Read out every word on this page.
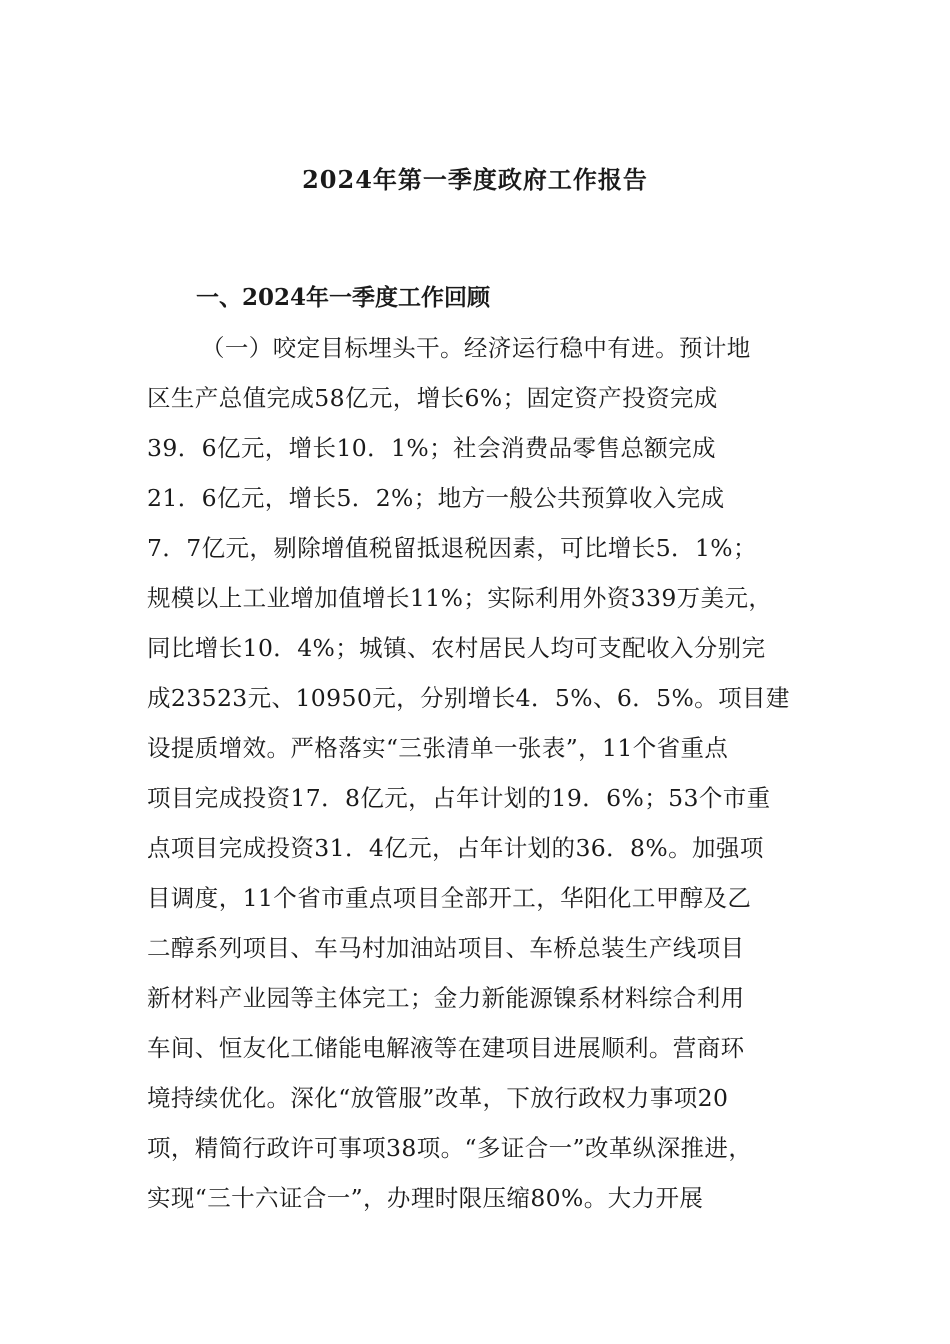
2024年第一季度政府工作报告
一、2024年一季度工作回顾
（一）咬定目标埋头干。经济运行稳中有进。预计地
区生产总值完成58亿元，增长6%；固定资产投资完成
39．6亿元，增长10．1%；社会消费品零售总额完成
21．6亿元，增长5．2%；地方一般公共预算收入完成
7．7亿元，剔除增值税留抵退税因素，可比增长5．1%；
规模以上工业增加值增长11%；实际利用外资339万美元，
同比增长10．4%；城镇、农村居民人均可支配收入分别完
成23523元、10950元，分别增长4．5%、6．5%。项目建
设提质增效。严格落实“三张清单一张表”，11个省重点
项目完成投资17．8亿元，占年计划的19．6%；53个市重
点项目完成投资31．4亿元，占年计划的36．8%。加强项
目调度，11个省市重点项目全部开工，华阳化工甲醇及乙
二醇系列项目、车马村加油站项目、车桥总装生产线项目
新材料产业园等主体完工；金力新能源镍系材料综合利用
车间、恒友化工储能电解液等在建项目进展顺利。营商环
境持续优化。深化“放管服”改革，下放行政权力事项20
项，精简行政许可事项38项。“多证合一”改革纵深推进，
实现“三十六证合一”，办理时限压缩80%。大力开展
